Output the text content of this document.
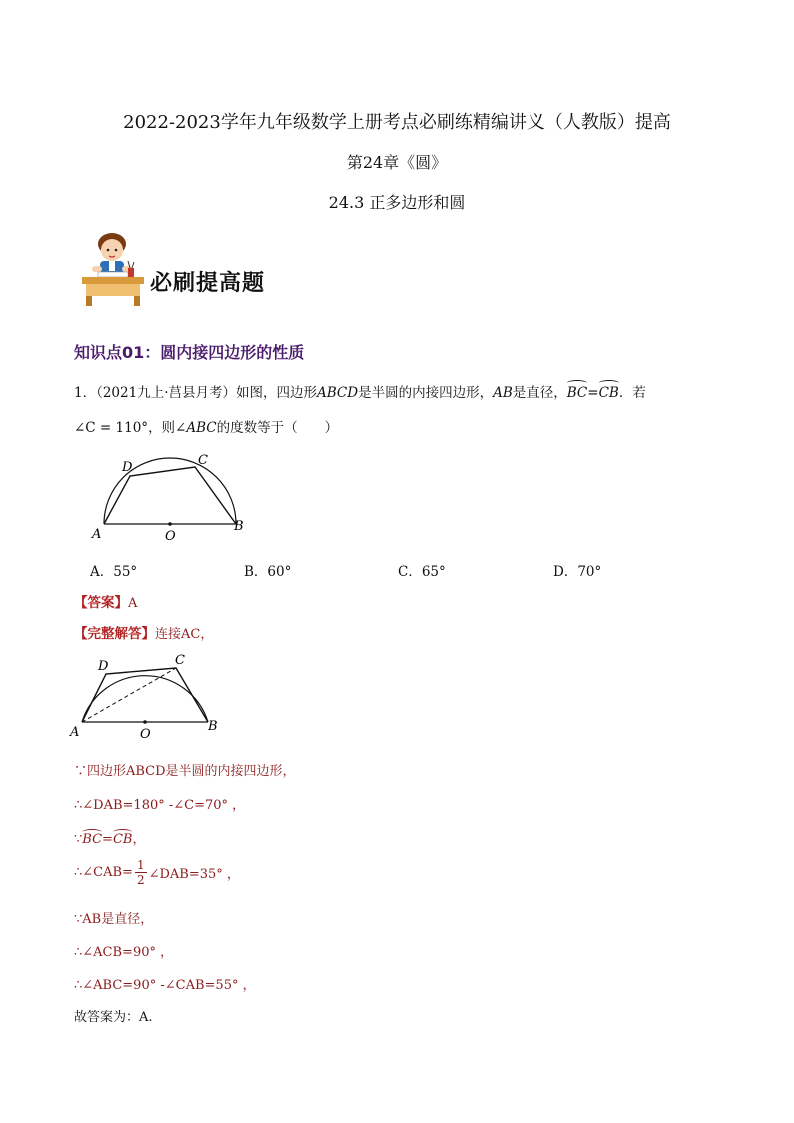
2022-2023学年九年级数学上册考点必刷练精编讲义（人教版）提高
第24章《圆》
24.3 正多边形和圆
必刷提高题
知识点01：圆内接四边形的性质
1．（2021九上·莒县月考）如图，四边形ABCD是半圆的内接四边形，AB是直径，BC=CB．若
∠C = 110°，则∠ABC的度数等于（　　）
D	C
A	O
B
A．55°	B．60°	C．65°	D．70°
【答案】A
【完整解答】连接AC，
D	C
A	O
B
∵四边形ABCD是半圆的内接四边形，
∴∠DAB=180° -∠C=70° ，
∵BC=CB，
∴∠CAB= $\frac{1}{2}$ ∠DAB=35° ，
∵AB是直径，
∴∠ACB=90° ，
∴∠ABC=90° -∠CAB=55° ，
故答案为：A.
